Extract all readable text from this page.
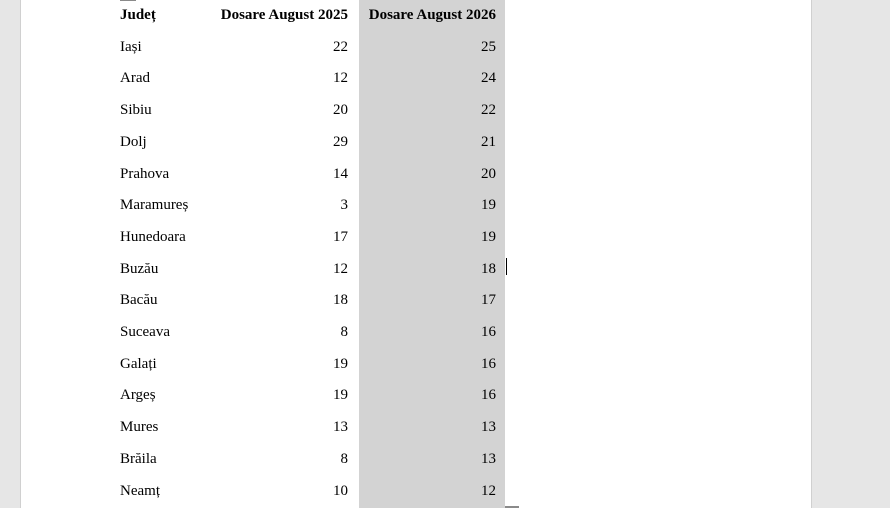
Județ	Dosare August 2025	Dosare August 2026
Iași	22	25
Arad	12	24
Sibiu	20	22
Dolj	29	21
Prahova	14	20
Maramureș	3	19
Hunedoara	17	19
Buzău	12	18
Bacău	18	17
Suceava	8	16
Galați	19	16
Argeș	19	16
Mures	13	13
Brăila	8	13
Neamț	10	12
